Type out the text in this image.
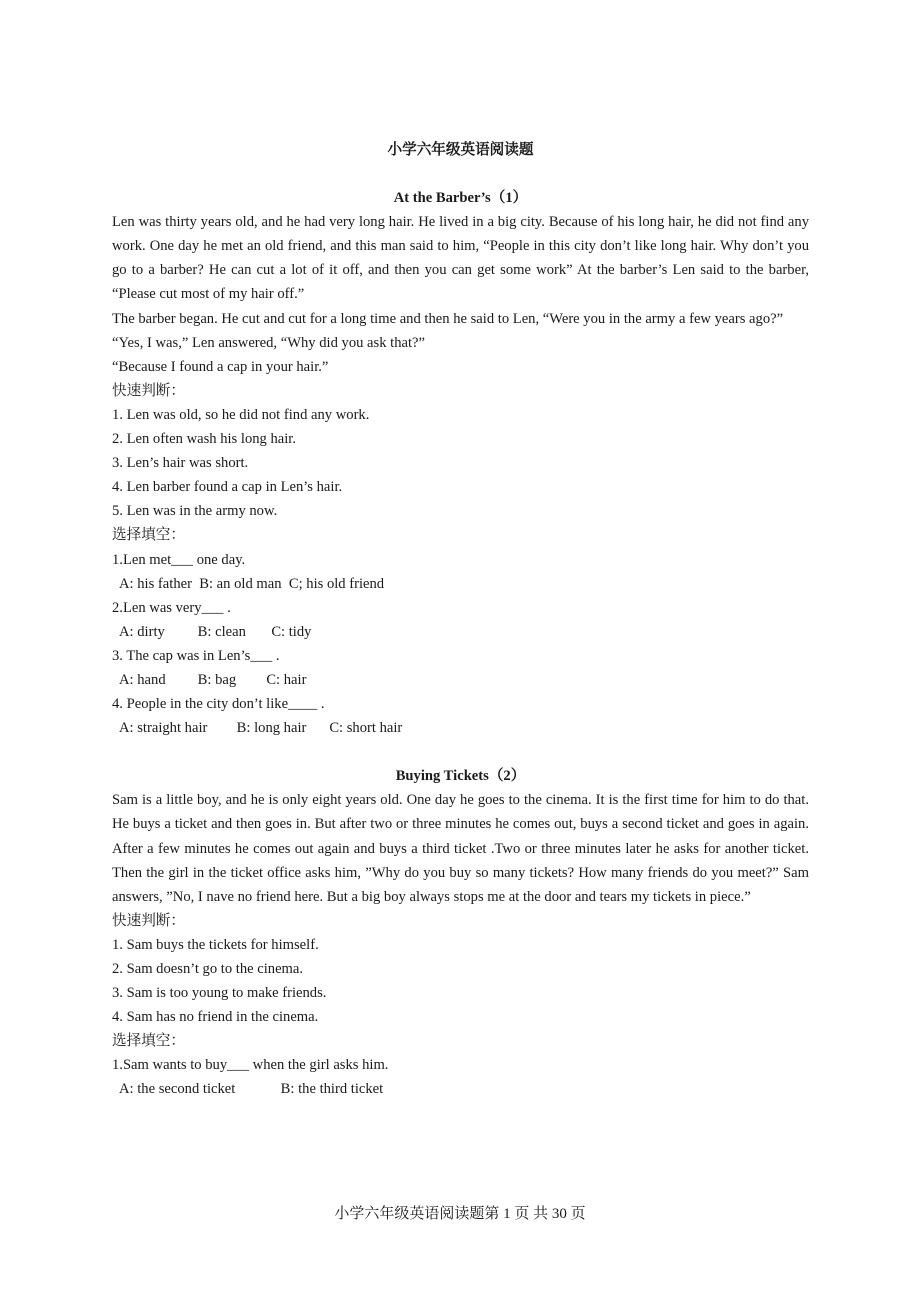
小学六年级英语阅读题
At the Barber’s（1）

Len was thirty years old, and he had very long hair. He lived in a big city. Because of his long hair, he did not find any work. One day he met an old friend, and this man said to him, “People in this city don’t like long hair. Why don’t you go to a barber? He can cut a lot of it off, and then you can get some work” At the barber’s Len said to the barber, “Please cut most of my hair off.”

The barber began. He cut and cut for a long time and then he said to Len, “Were you in the army a few years ago?”

“Yes, I was,” Len answered, “Why did you ask that?”

“Because I found a cap in your hair.”

快速判断：

1. Len was old, so he did not find any work.

2. Len often wash his long hair.

3. Len’s hair was short.

4. Len barber found a cap in Len’s hair.

5. Len was in the army now.

选择填空：

1.Len met___ one day.

A: his father B: an old man C; his old friend

2.Len was very___ .

A: dirty B: clean C: tidy

3. The cap was in Len’s___ .

A: hand B: bag C: hair

4. People in the city don’t like____ .

A: straight hair B: long hair C: short hair

Buying Tickets（2）

Sam is a little boy, and he is only eight years old. One day he goes to the cinema. It is the first time for him to do that. He buys a ticket and then goes in. But after two or three minutes he comes out, buys a second ticket and goes in again. After a few minutes he comes out again and buys a third ticket .Two or three minutes later he asks for another ticket. Then the girl in the ticket office asks him, ”Why do you buy so many tickets? How many friends do you meet?” Sam answers, ”No, I nave no friend here. But a big boy always stops me at the door and tears my tickets in piece.”

快速判断：

1. Sam buys the tickets for himself.

2. Sam doesn’t go to the cinema.

3. Sam is too young to make friends.

4. Sam has no friend in the cinema.

选择填空：

1.Sam wants to buy___ when the girl asks him.

A: the second ticket	B: the third ticket

小学六年级英语阅读题第 1 页 共 30 页
